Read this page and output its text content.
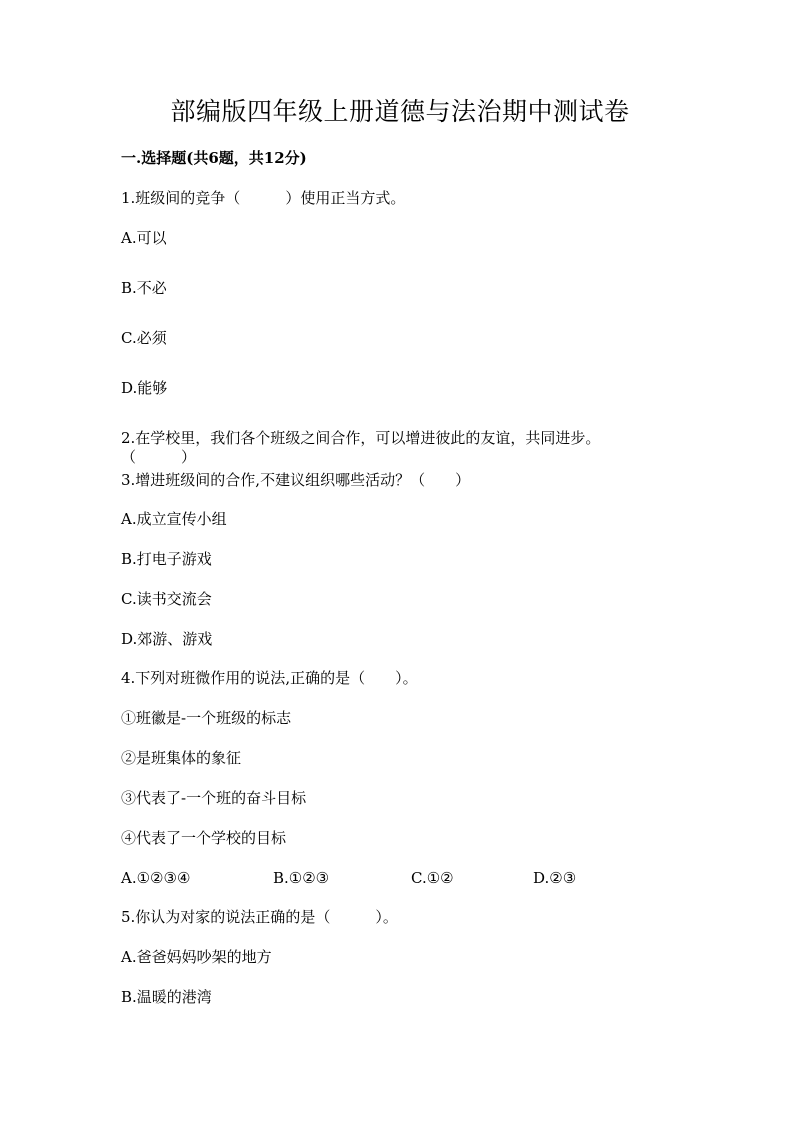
部编版四年级上册道德与法治期中测试卷
一.选择题(共6题，共12分)
1.班级间的竞争（　　　）使用正当方式。
A.可以
B.不必
C.必须
D.能够
2.在学校里，我们各个班级之间合作，可以增进彼此的友谊，共同进步。
（　　　）
3.增进班级间的合作,不建议组织哪些活动？（　　）
A.成立宣传小组
B.打电子游戏
C.读书交流会
D.郊游、游戏
4.下列对班微作用的说法,正确的是（　　）。
①班徽是-一个班级的标志
②是班集体的象征
③代表了-一个班的奋斗目标
④代表了一个学校的目标
A.①②③④	B.①②③	C.①②	D.②③
5.你认为对家的说法正确的是（　　　）。
A.爸爸妈妈吵架的地方
B.温暖的港湾
